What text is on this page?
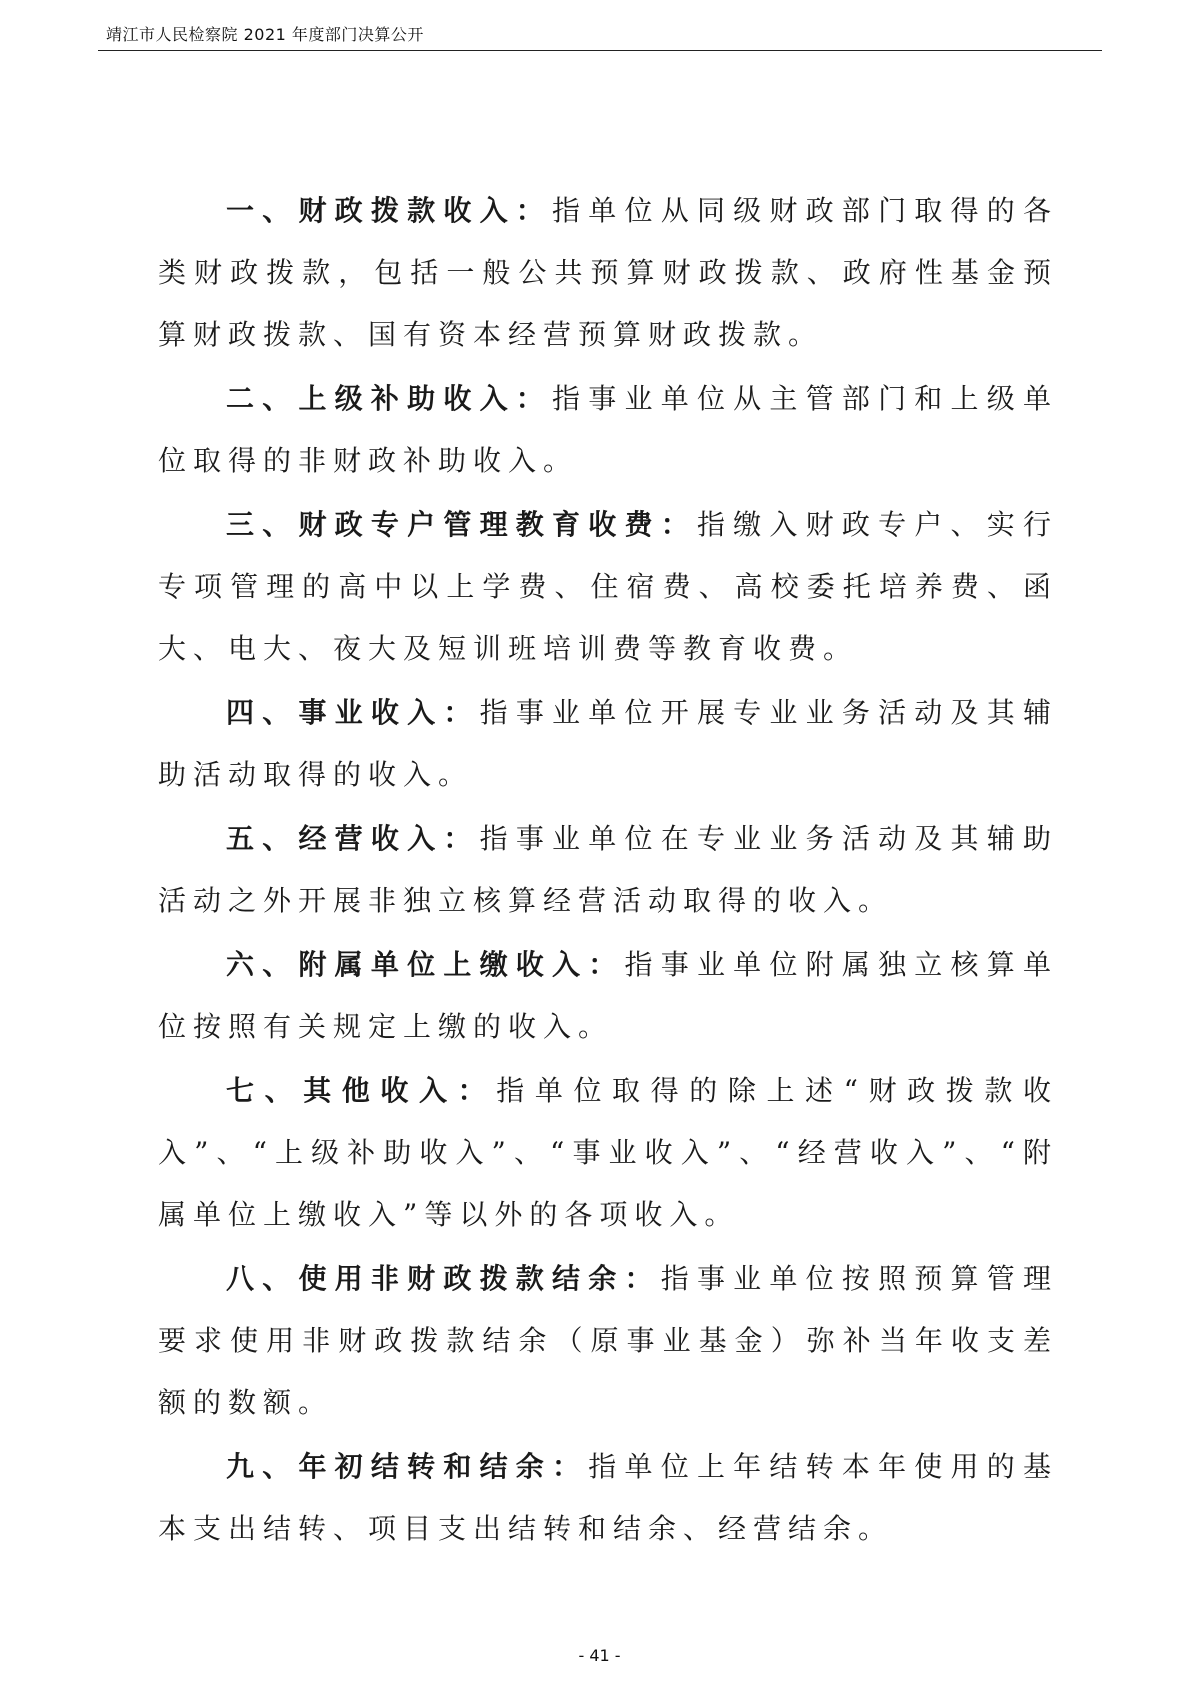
靖江市人民检察院 2021 年度部门决算公开

一、财政拨款收入：指单位从同级财政部门取得的各类财政拨款，包括一般公共预算财政拨款、政府性基金预算财政拨款、国有资本经营预算财政拨款。

二、上级补助收入：指事业单位从主管部门和上级单位取得的非财政补助收入。

三、财政专户管理教育收费：指缴入财政专户、实行专项管理的高中以上学费、住宿费、高校委托培养费、函大、电大、夜大及短训班培训费等教育收费。

四、事业收入：指事业单位开展专业业务活动及其辅助活动取得的收入。

五、经营收入：指事业单位在专业业务活动及其辅助活动之外开展非独立核算经营活动取得的收入。

六、附属单位上缴收入：指事业单位附属独立核算单位按照有关规定上缴的收入。

七、其他收入：指单位取得的除上述“财政拨款收入”、“上级补助收入”、“事业收入”、“经营收入”、“附属单位上缴收入”等以外的各项收入。

八、使用非财政拨款结余：指事业单位按照预算管理要求使用非财政拨款结余（原事业基金）弥补当年收支差额的数额。

九、年初结转和结余：指单位上年结转本年使用的基本支出结转、项目支出结转和结余、经营结余。

- 41 -
